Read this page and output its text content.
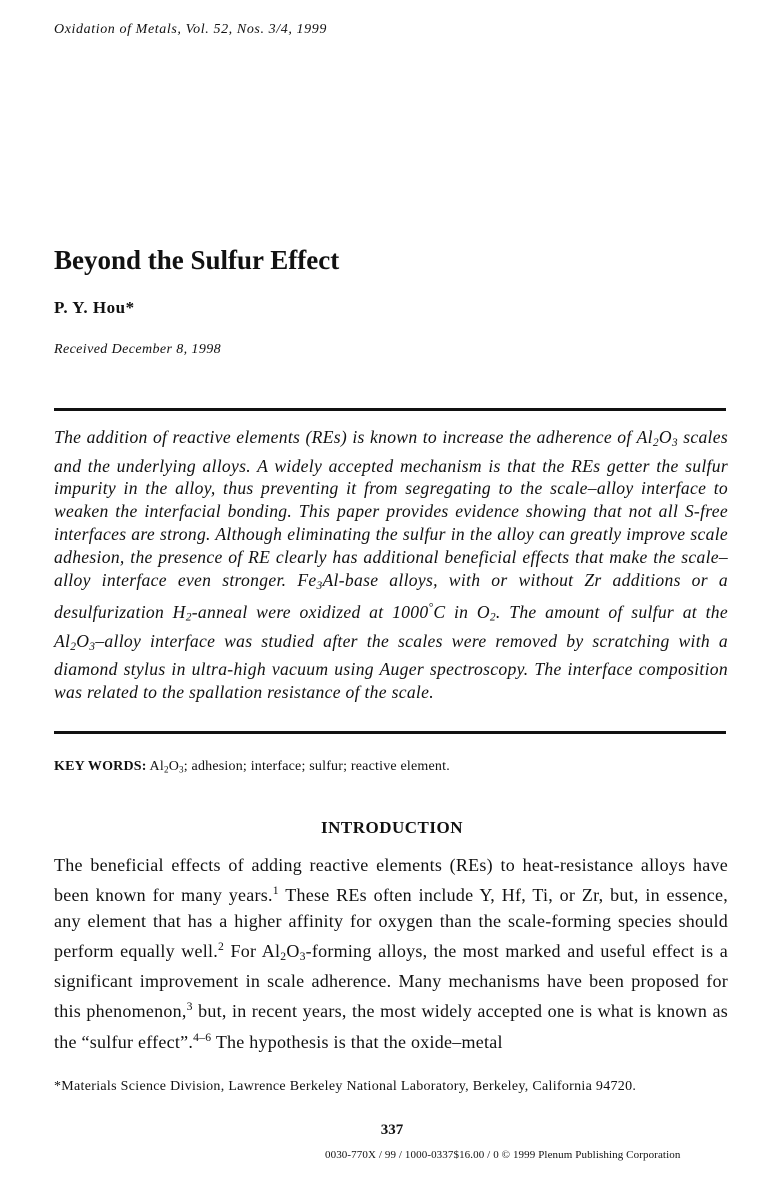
Oxidation of Metals, Vol. 52, Nos. 3/4, 1999
Beyond the Sulfur Effect
P. Y. Hou*
Received December 8, 1998
The addition of reactive elements (REs) is known to increase the adherence of $Al_2O_3$ scales and the underlying alloys. A widely accepted mechanism is that the REs getter the sulfur impurity in the alloy, thus preventing it from segregating to the scale–alloy interface to weaken the interfacial bonding. This paper provides evidence showing that not all S-free interfaces are strong. Although eliminating the sulfur in the alloy can greatly improve scale adhesion, the presence of RE clearly has additional beneficial effects that make the scale–alloy interface even stronger. $Fe_3Al$-base alloys, with or without Zr additions or a desulfurization $H_2$-anneal were oxidized at 1000°C in $O_2$. The amount of sulfur at the $Al_2O_3$–alloy interface was studied after the scales were removed by scratching with a diamond stylus in ultra-high vacuum using Auger spectroscopy. The interface composition was related to the spallation resistance of the scale.
KEY WORDS: $Al_2O_3$; adhesion; interface; sulfur; reactive element.
INTRODUCTION
The beneficial effects of adding reactive elements (REs) to heat-resistance alloys have been known for many years.$^1$ These REs often include Y, Hf, Ti, or Zr, but, in essence, any element that has a higher affinity for oxygen than the scale-forming species should perform equally well.$^2$ For $Al_2O_3$-forming alloys, the most marked and useful effect is a significant improvement in scale adherence. Many mechanisms have been proposed for this phenomenon,$^3$ but, in recent years, the most widely accepted one is what is known as the “sulfur effect”.$^{4-6}$ The hypothesis is that the oxide–metal
*Materials Science Division, Lawrence Berkeley National Laboratory, Berkeley, California 94720.
337
0030-770X / 99 / 1000-0337$16.00 / 0 © 1999 Plenum Publishing Corporation
